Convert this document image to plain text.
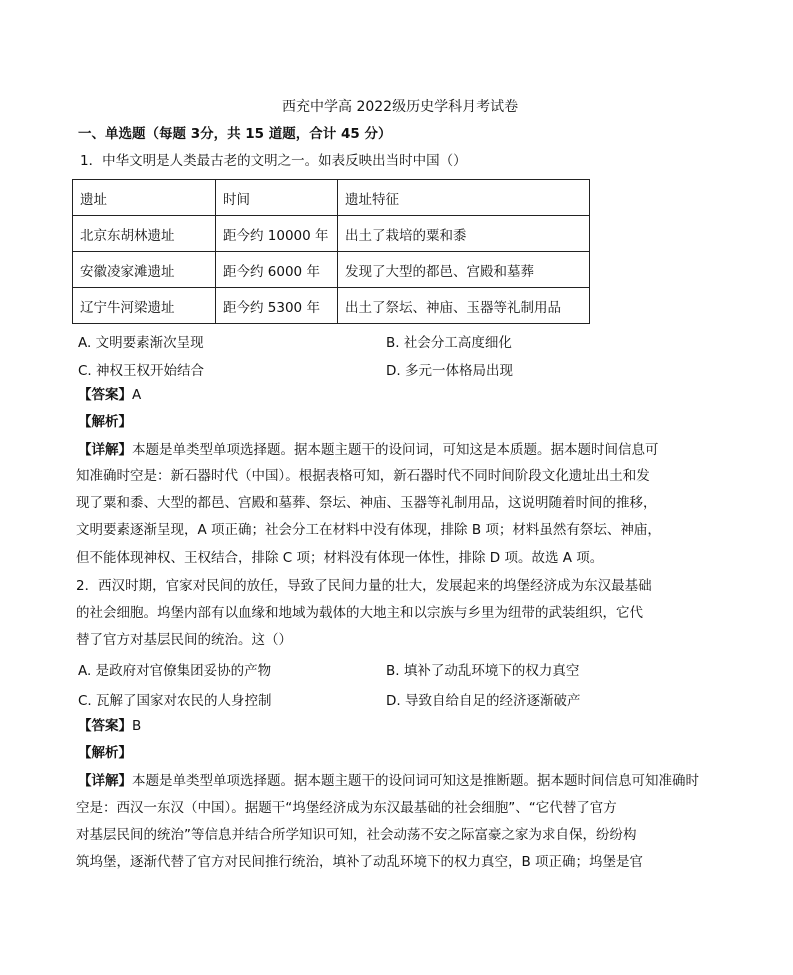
西充中学高 2022级历史学科月考试卷
一、单选题（每题 3分，共 15 道题，合计 45 分）
1．中华文明是人类最古老的文明之一。如表反映出当时中国（）
遗址	时间	遗址特征
北京东胡林遗址	距今约 10000 年	出土了栽培的粟和黍
安徽凌家滩遗址	距今约 6000 年	发现了大型的都邑、宫殿和墓葬
辽宁牛河梁遗址	距今约 5300 年	出土了祭坛、神庙、玉器等礼制用品
A. 文明要素渐次呈现	B. 社会分工高度细化
C. 神权王权开始结合	D. 多元一体格局出现
【答案】A
【解析】
【详解】本题是单类型单项选择题。据本题主题干的设问词，可知这是本质题。据本题时间信息可
知准确时空是：新石器时代（中国）。根据表格可知，新石器时代不同时间阶段文化遗址出土和发
现了粟和黍、大型的都邑、宫殿和墓葬、祭坛、神庙、玉器等礼制用品，这说明随着时间的推移，
文明要素逐渐呈现，A 项正确；社会分工在材料中没有体现，排除 B 项；材料虽然有祭坛、神庙，
但不能体现神权、王权结合，排除 C 项；材料没有体现一体性，排除 D 项。故选 A 项。
2．西汉时期，官家对民间的放任，导致了民间力量的壮大，发展起来的坞堡经济成为东汉最基础
的社会细胞。坞堡内部有以血缘和地域为载体的大地主和以宗族与乡里为纽带的武装组织，它代
替了官方对基层民间的统治。这（）
A. 是政府对官僚集团妥协的产物	B. 填补了动乱环境下的权力真空
C. 瓦解了国家对农民的人身控制	D. 导致自给自足的经济逐渐破产
【答案】B
【解析】
【详解】本题是单类型单项选择题。据本题主题干的设问词可知这是推断题。据本题时间信息可知准确时
空是：西汉一东汉（中国）。据题干“坞堡经济成为东汉最基础的社会细胞”、“它代替了官方
对基层民间的统治”等信息并结合所学知识可知，社会动荡不安之际富豪之家为求自保，纷纷构
筑坞堡，逐渐代替了官方对民间推行统治，填补了动乱环境下的权力真空，B 项正确；坞堡是官
